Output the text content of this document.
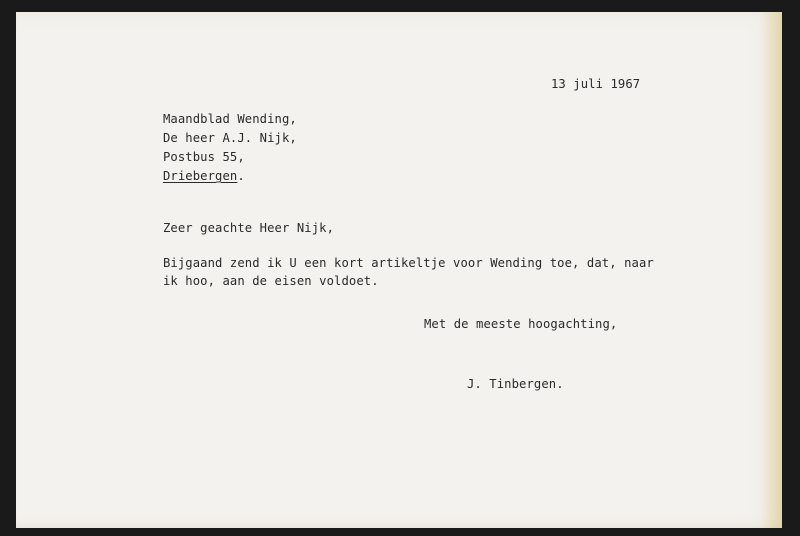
13 juli 1967
Maandblad Wending,
De heer A.J. Nijk,
Postbus 55,
Driebergen.
Zeer geachte Heer Nijk,
Bijgaand zend ik U een kort artikeltje voor Wending toe, dat, naar
ik hoo, aan de eisen voldoet.
Met de meeste hoogachting,
J. Tinbergen.
